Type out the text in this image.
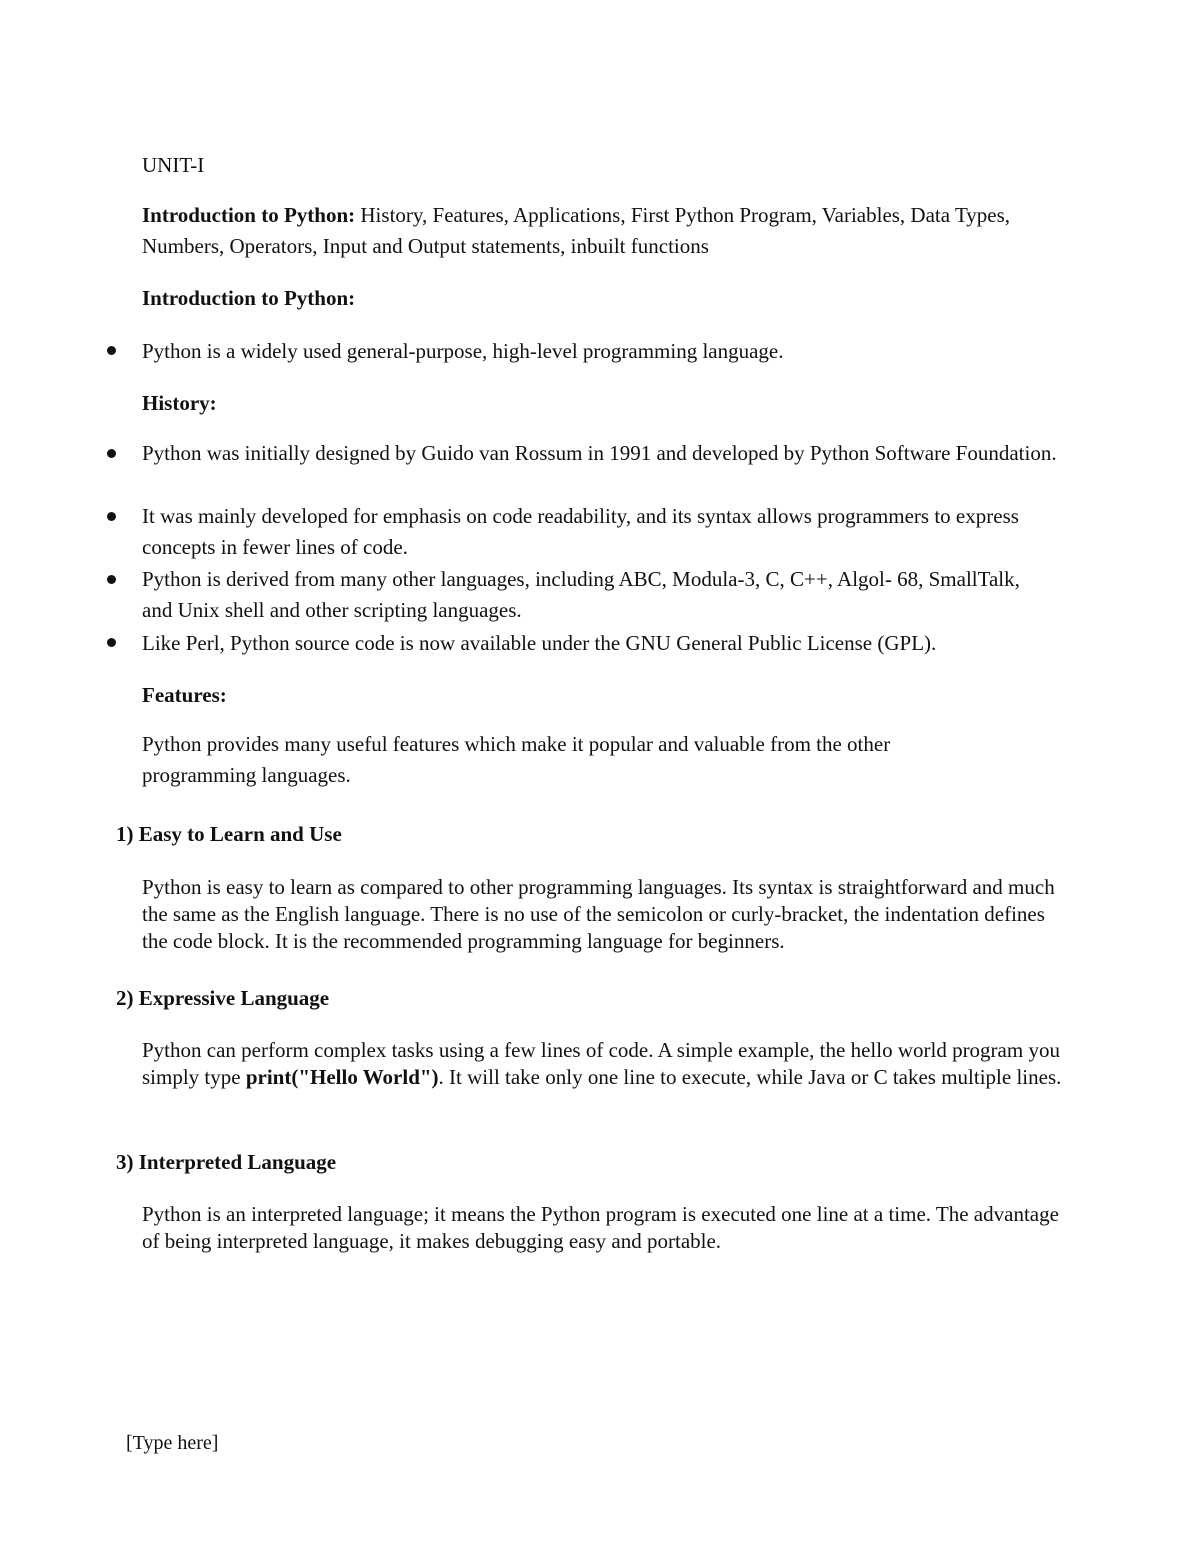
UNIT-I
Introduction to Python: History, Features, Applications, First Python Program, Variables, Data Types, Numbers, Operators, Input and Output statements, inbuilt functions
Introduction to Python:
Python is a widely used general-purpose, high-level programming language.
History:
Python was initially designed by Guido van Rossum in 1991 and developed by Python Software Foundation.
It was mainly developed for emphasis on code readability, and its syntax allows programmers to express concepts in fewer lines of code.
Python is derived from many other languages, including ABC, Modula-3, C, C++, Algol- 68, SmallTalk, and Unix shell and other scripting languages.
Like Perl, Python source code is now available under the GNU General Public License (GPL).
Features:
Python provides many useful features which make it popular and valuable from the other programming languages.
1) Easy to Learn and Use
Python is easy to learn as compared to other programming languages. Its syntax is straightforward and much the same as the English language. There is no use of the semicolon or curly-bracket, the indentation defines the code block. It is the recommended programming language for beginners.
2) Expressive Language
Python can perform complex tasks using a few lines of code. A simple example, the hello world program you simply type print("Hello World"). It will take only one line to execute, while Java or C takes multiple lines.
3) Interpreted Language
Python is an interpreted language; it means the Python program is executed one line at a time. The advantage of being interpreted language, it makes debugging easy and portable.
[Type here]
